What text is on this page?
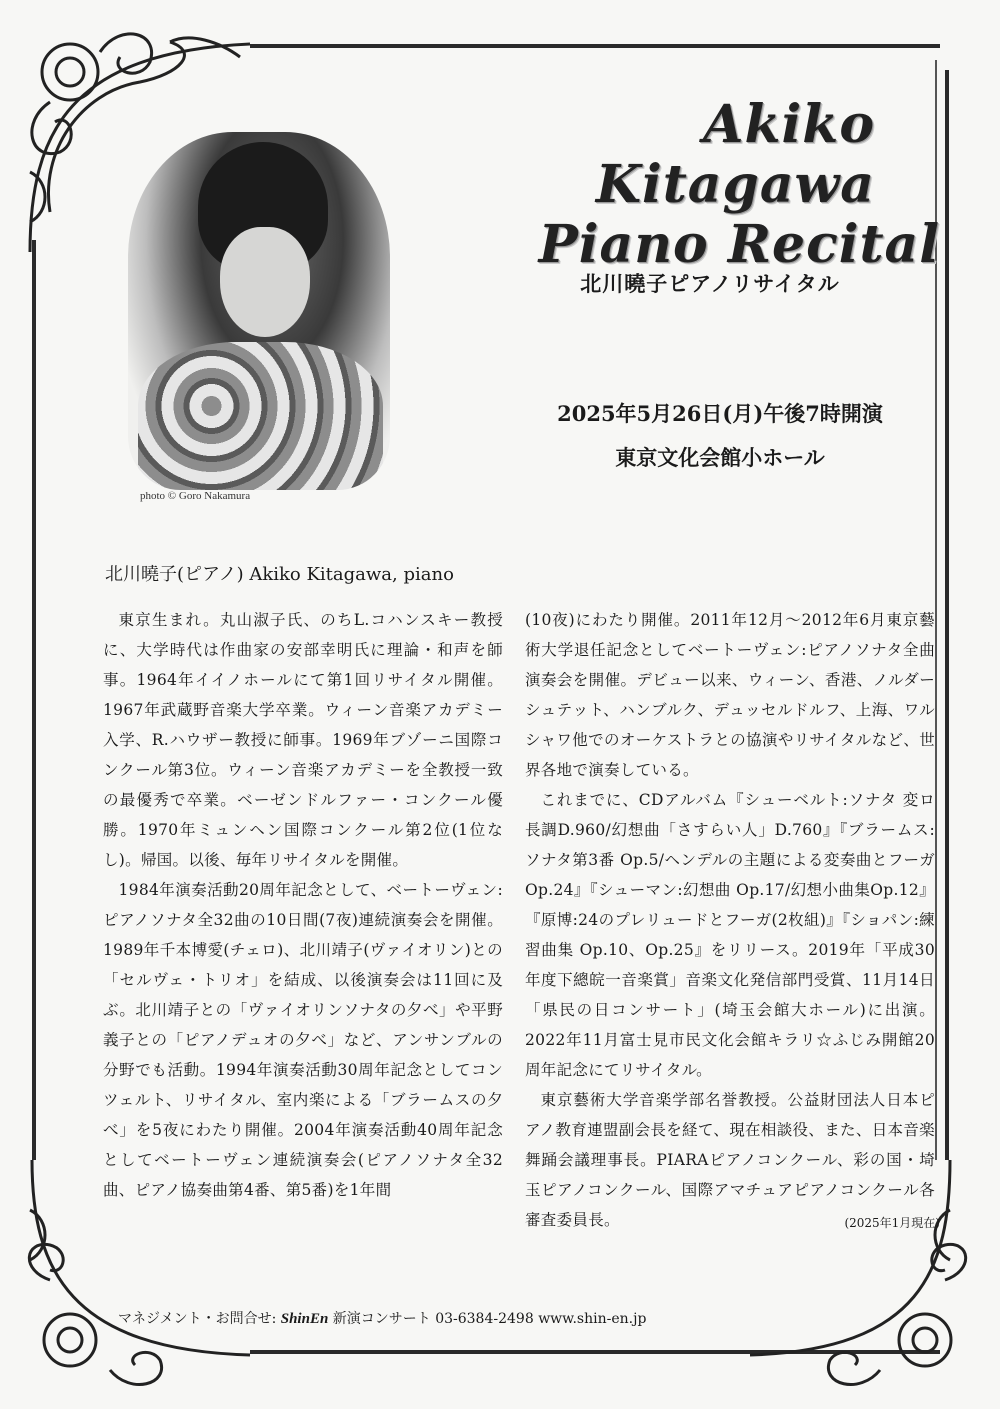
photo © Goro Nakamura
Akiko Kitagawa
Piano Recital
北川曉子ピアノリサイタル
2025年5月26日(月)午後7時開演
東京文化会館小ホール
北川曉子(ピアノ) Akiko Kitagawa, piano

東京生まれ。丸山淑子氏、のちL.コハンスキー教授に、大学時代は作曲家の安部幸明氏に理論・和声を師事。1964年イイノホールにて第1回リサイタル開催。1967年武蔵野音楽大学卒業。ウィーン音楽アカデミー入学、R.ハウザー教授に師事。1969年ブゾーニ国際コンクール第3位。ウィーン音楽アカデミーを全教授一致の最優秀で卒業。ベーゼンドルファー・コンクール優勝。1970年ミュンヘン国際コンクール第2位(1位なし)。帰国。以後、毎年リサイタルを開催。

1984年演奏活動20周年記念として、ベートーヴェン:ピアノソナタ全32曲の10日間(7夜)連続演奏会を開催。1989年千本博愛(チェロ)、北川靖子(ヴァイオリン)との「セルヴェ・トリオ」を結成、以後演奏会は11回に及ぶ。北川靖子との「ヴァイオリンソナタの夕べ」や平野義子との「ピアノデュオの夕べ」など、アンサンブルの分野でも活動。1994年演奏活動30周年記念としてコンツェルト、リサイタル、室内楽による「ブラームスの夕べ」を5夜にわたり開催。2004年演奏活動40周年記念としてベートーヴェン連続演奏会(ピアノソナタ全32曲、ピアノ協奏曲第4番、第5番)を1年間

(10夜)にわたり開催。2011年12月〜2012年6月東京藝術大学退任記念としてベートーヴェン:ピアノソナタ全曲演奏会を開催。デビュー以来、ウィーン、香港、ノルダーシュテット、ハンブルク、デュッセルドルフ、上海、ワルシャワ他でのオーケストラとの協演やリサイタルなど、世界各地で演奏している。

これまでに、CDアルバム『シューベルト:ソナタ 変ロ長調D.960/幻想曲「さすらい人」D.760』『ブラームス:ソナタ第3番 Op.5/ヘンデルの主題による変奏曲とフーガOp.24』『シューマン:幻想曲 Op.17/幻想小曲集Op.12』『原博:24のプレリュードとフーガ(2枚組)』『ショパン:練習曲集 Op.10、Op.25』をリリース。2019年「平成30年度下總皖一音楽賞」音楽文化発信部門受賞、11月14日「県民の日コンサート」(埼玉会館大ホール)に出演。2022年11月富士見市民文化会館キラリ☆ふじみ開館20周年記念にてリサイタル。

東京藝術大学音楽学部名誉教授。公益財団法人日本ピアノ教育連盟副会長を経て、現在相談役、また、日本音楽舞踊会議理事長。PIARAピアノコンクール、彩の国・埼玉ピアノコンクール、国際アマチュアピアノコンクール各審査委員長。	(2025年1月現在)
マネジメント・お問合せ: ShinEn 新演コンサート 03-6384-2498 www.shin-en.jp
